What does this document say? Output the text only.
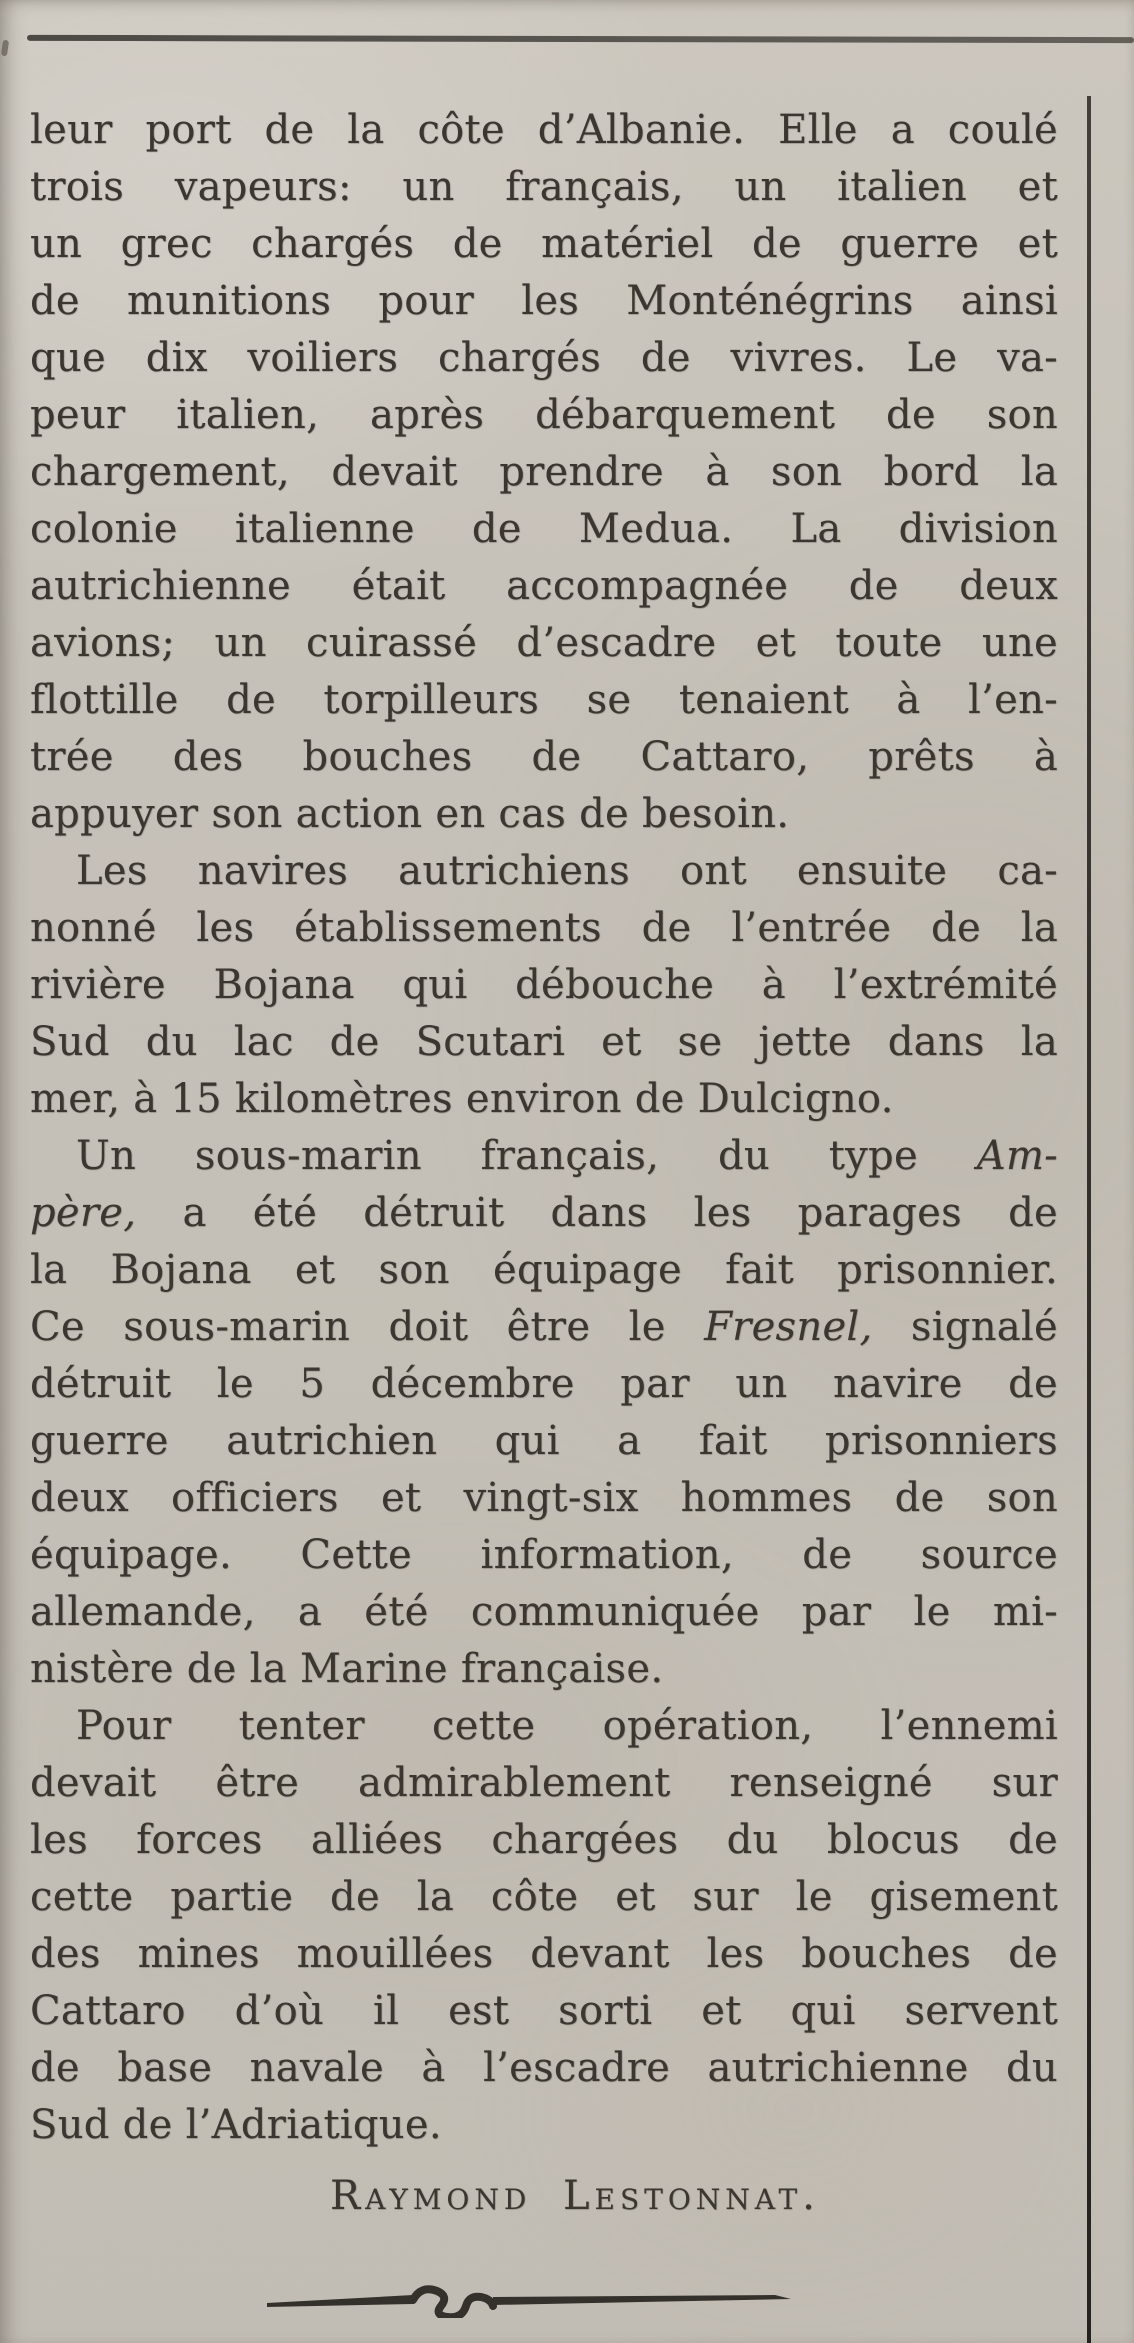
leur port de la côte d’Albanie. Elle a coulé
trois vapeurs: un français, un italien et
un grec chargés de matériel de guerre et
de munitions pour les Monténégrins ainsi
que dix voiliers chargés de vivres. Le va-
peur italien, après débarquement de son
chargement, devait prendre à son bord la
colonie italienne de Medua. La division
autrichienne était accompagnée de deux
avions; un cuirassé d’escadre et toute une
flottille de torpilleurs se tenaient à l’en-
trée des bouches de Cattaro, prêts à
appuyer son action en cas de besoin.
Les navires autrichiens ont ensuite ca-
nonné les établissements de l’entrée de la
rivière Bojana qui débouche à l’extrémité
Sud du lac de Scutari et se jette dans la
mer, à 15 kilomètres environ de Dulcigno.
Un sous-marin français, du type Am-
père, a été détruit dans les parages de
la Bojana et son équipage fait prisonnier.
Ce sous-marin doit être le Fresnel, signalé
détruit le 5 décembre par un navire de
guerre autrichien qui a fait prisonniers
deux officiers et vingt-six hommes de son
équipage. Cette information, de source
allemande, a été communiquée par le mi-
nistère de la Marine française.
Pour tenter cette opération, l’ennemi
devait être admirablement renseigné sur
les forces alliées chargées du blocus de
cette partie de la côte et sur le gisement
des mines mouillées devant les bouches de
Cattaro d’où il est sorti et qui servent
de base navale à l’escadre autrichienne du
Sud de l’Adriatique.
Raymond Lestonnat.
